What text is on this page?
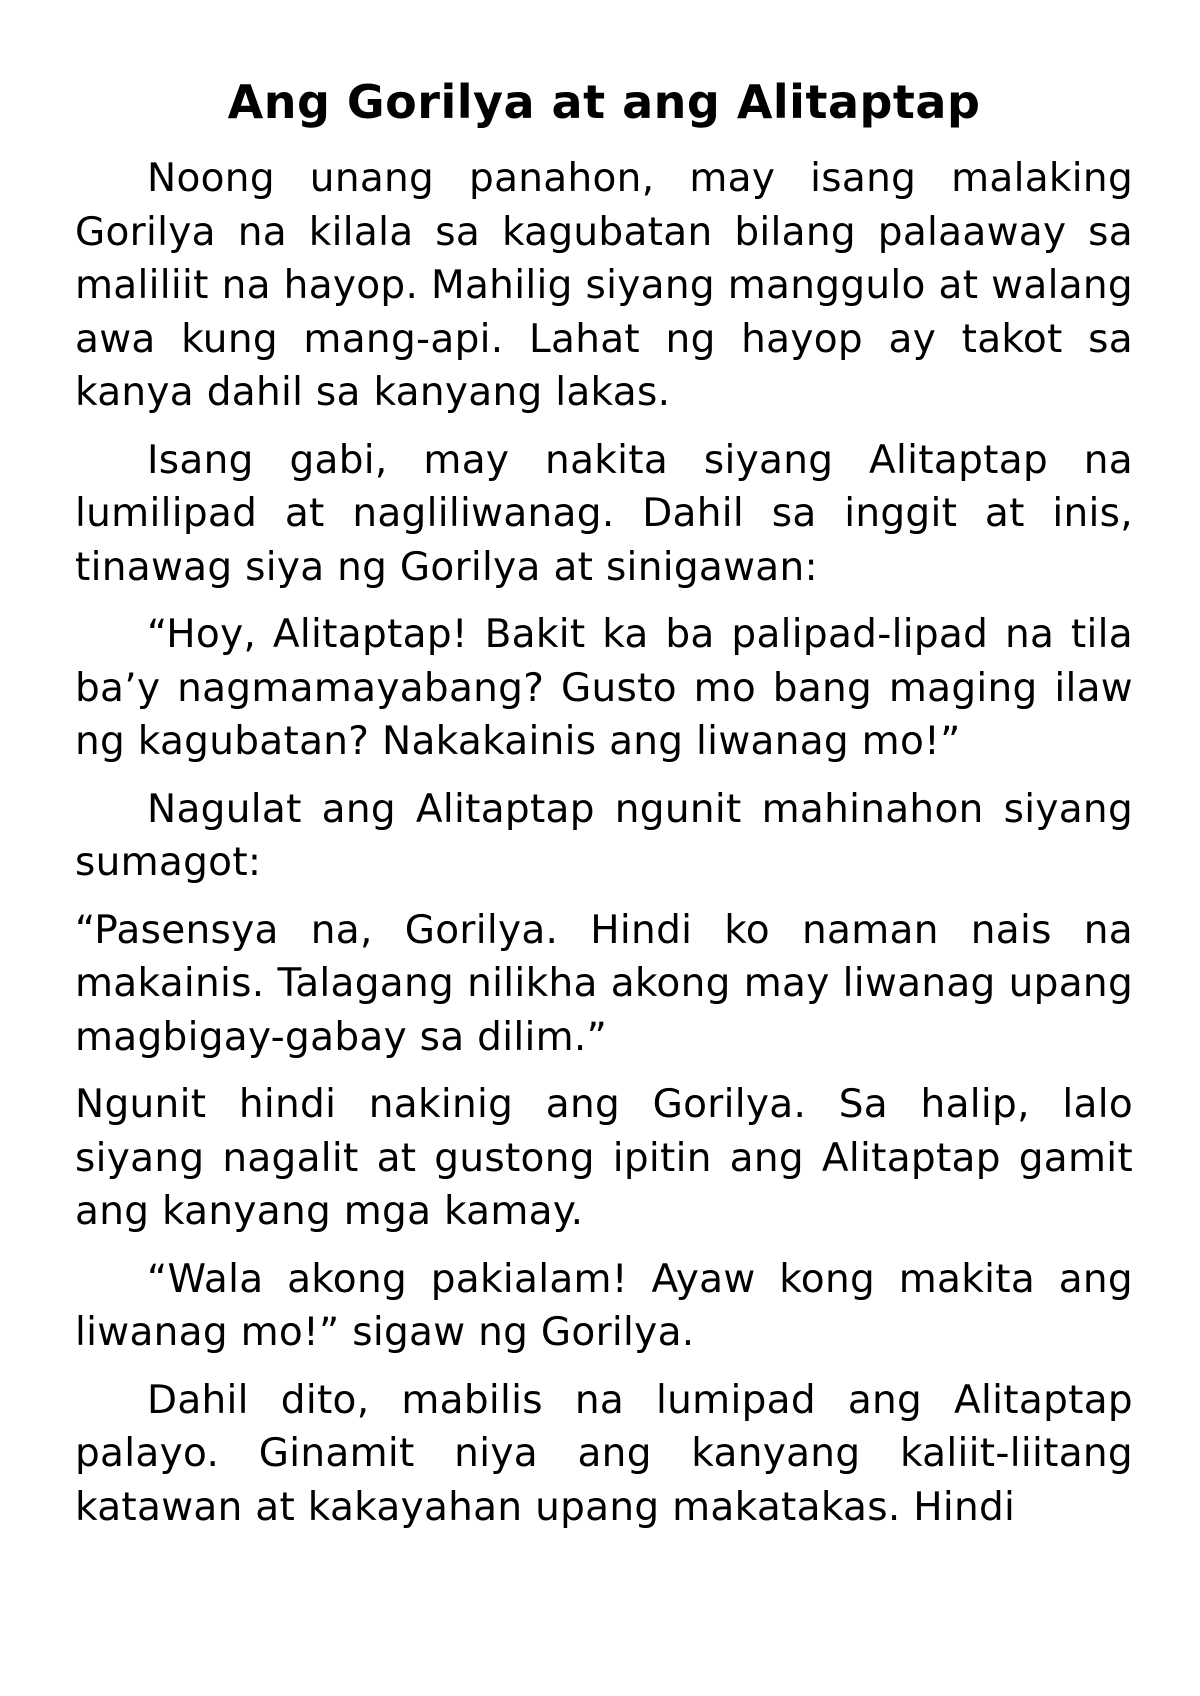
Ang Gorilya at ang Alitaptap

Noong unang panahon, may isang malaking Gorilya na kilala sa kagubatan bilang palaaway sa maliliit na hayop. Mahilig siyang manggulo at walang awa kung mang-api. Lahat ng hayop ay takot sa kanya dahil sa kanyang lakas.

Isang gabi, may nakita siyang Alitaptap na lumilipad at nagliliwanag. Dahil sa inggit at inis, tinawag siya ng Gorilya at sinigawan:

“Hoy, Alitaptap! Bakit ka ba palipad-lipad na tila ba’y nagmamayabang? Gusto mo bang maging ilaw ng kagubatan? Nakakainis ang liwanag mo!”

Nagulat ang Alitaptap ngunit mahinahon siyang sumagot:

“Pasensya na, Gorilya. Hindi ko naman nais na makainis. Talagang nilikha akong may liwanag upang magbigay-gabay sa dilim.”

Ngunit hindi nakinig ang Gorilya. Sa halip, lalo siyang nagalit at gustong ipitin ang Alitaptap gamit ang kanyang mga kamay.

“Wala akong pakialam! Ayaw kong makita ang liwanag mo!” sigaw ng Gorilya.

Dahil dito, mabilis na lumipad ang Alitaptap palayo. Ginamit niya ang kanyang kaliit-liitang katawan at kakayahan upang makatakas. Hindi
